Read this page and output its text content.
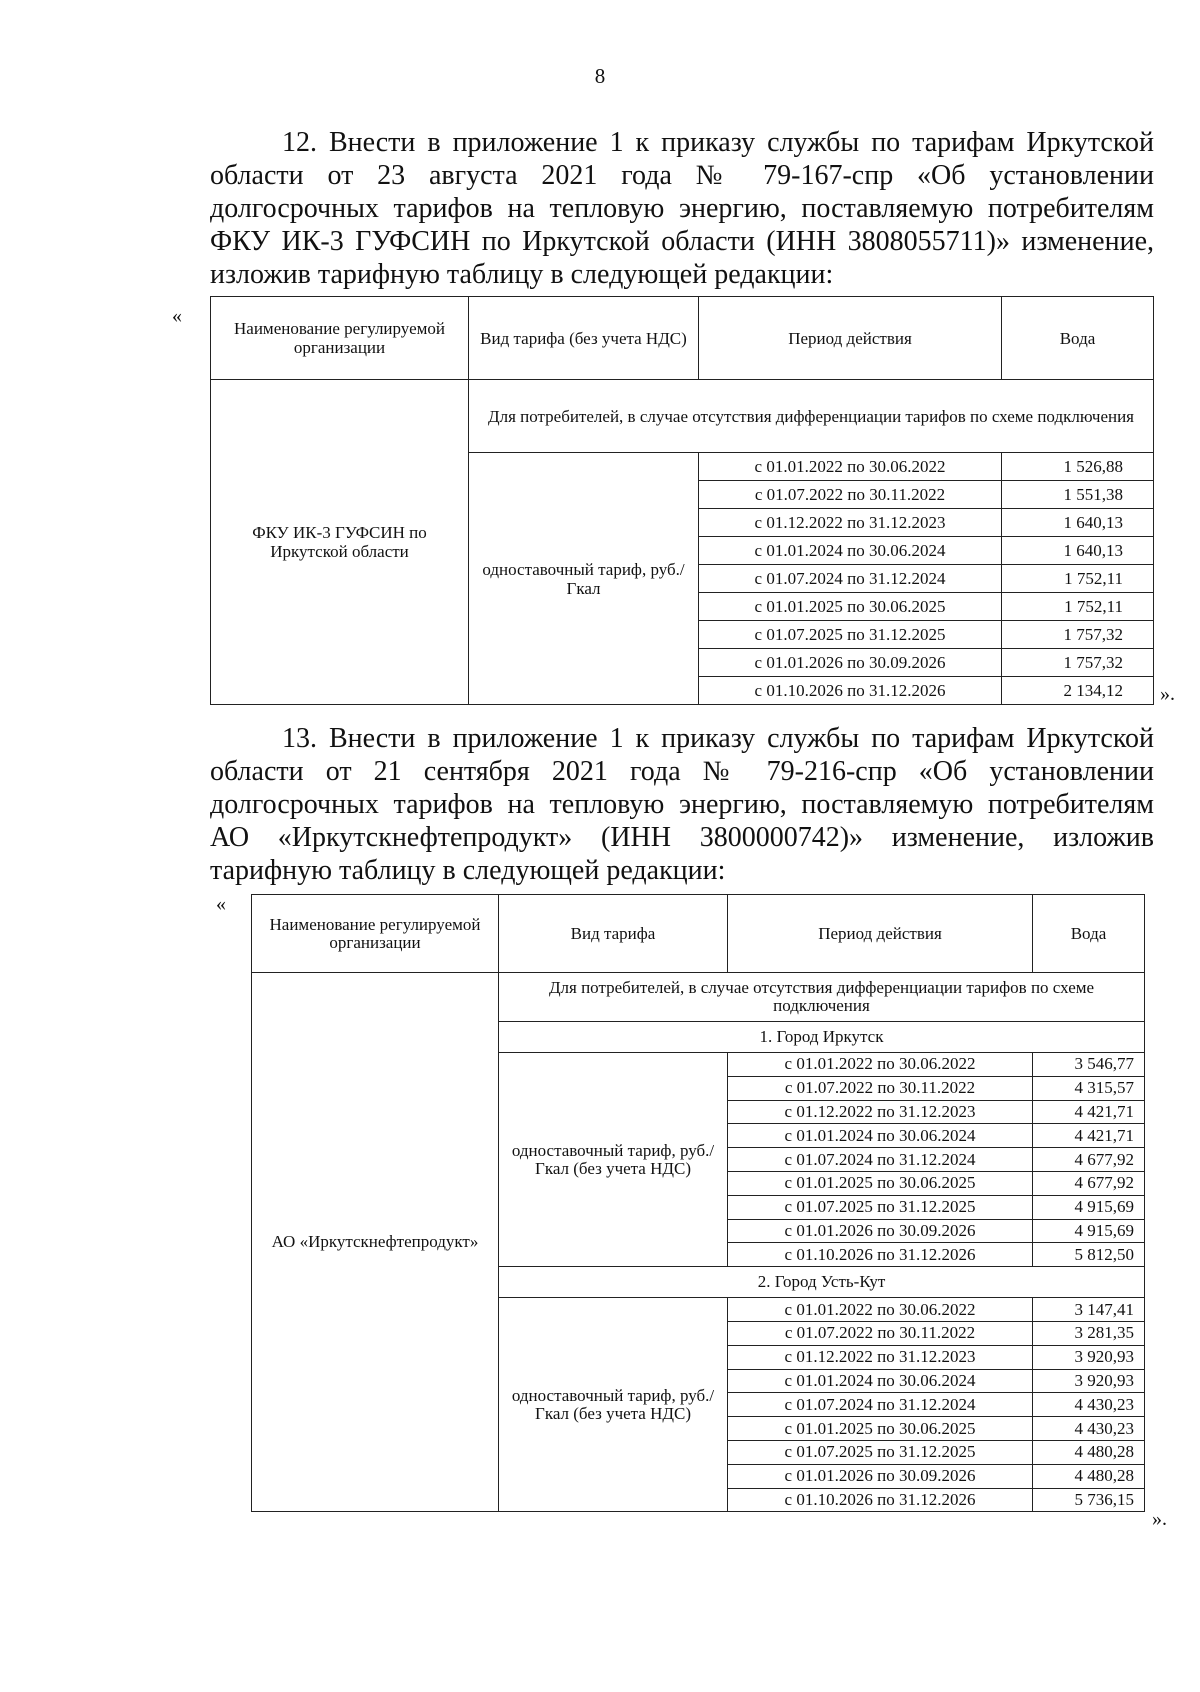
8
12. Внести в приложение 1 к приказу службы по тарифам Иркутской
области от 23 августа 2021 года № 79-167-спр «Об установлении
долгосрочных тарифов на тепловую энергию, поставляемую потребителям
ФКУ ИК-3 ГУФСИН по Иркутской области (ИНН 3808055711)» изменение,
изложив тарифную таблицу в следующей редакции:
«
Наименование регулируемой организации	Вид тарифа (без учета НДС)	Период действия	Вода
ФКУ ИК-3 ГУФСИН по Иркутской области	Для потребителей, в случае отсутствия дифференциации тарифов по схеме подключения		
	одноставочный тариф, руб./Гкал	с 01.01.2022 по 30.06.2022	1 526,88
		с 01.07.2022 по 30.11.2022	1 551,38
		с 01.12.2022 по 31.12.2023	1 640,13
		с 01.01.2024 по 30.06.2024	1 640,13
		с 01.07.2024 по 31.12.2024	1 752,11
		с 01.01.2025 по 30.06.2025	1 752,11
		с 01.07.2025 по 31.12.2025	1 757,32
		с 01.01.2026 по 30.09.2026	1 757,32
		с 01.10.2026 по 31.12.2026	2 134,12 ».
13. Внести в приложение 1 к приказу службы по тарифам Иркутской
области от 21 сентября 2021 года № 79-216-спр «Об установлении
долгосрочных тарифов на тепловую энергию, поставляемую потребителям
АО «Иркутскнефтепродукт» (ИНН 3800000742)» изменение, изложив
тарифную таблицу в следующей редакции:
«
Наименование регулируемой организации	Вид тарифа	Период действия	Вода
АО «Иркутскнефтепродукт»	Для потребителей, в случае отсутствия дифференциации тарифов по схеме подключения		
	1. Город Иркутск		
	одноставочный тариф, руб./Гкал (без учета НДС)	с 01.01.2022 по 30.06.2022	3 546,77
		с 01.07.2022 по 30.11.2022	4 315,57
		с 01.12.2022 по 31.12.2023	4 421,71
		с 01.01.2024 по 30.06.2024	4 421,71
		с 01.07.2024 по 31.12.2024	4 677,92
		с 01.01.2025 по 30.06.2025	4 677,92
		с 01.07.2025 по 31.12.2025	4 915,69
		с 01.01.2026 по 30.09.2026	4 915,69
		с 01.10.2026 по 31.12.2026	5 812,50
	2. Город Усть-Кут		
	одноставочный тариф, руб./Гкал (без учета НДС)	с 01.01.2022 по 30.06.2022	3 147,41
		с 01.07.2022 по 30.11.2022	3 281,35
		с 01.12.2022 по 31.12.2023	3 920,93
		с 01.01.2024 по 30.06.2024	3 920,93
		с 01.07.2024 по 31.12.2024	4 430,23
		с 01.01.2025 по 30.06.2025	4 430,23
		с 01.07.2025 по 31.12.2025	4 480,28
		с 01.01.2026 по 30.09.2026	4 480,28
		с 01.10.2026 по 31.12.2026	5 736,15
».
